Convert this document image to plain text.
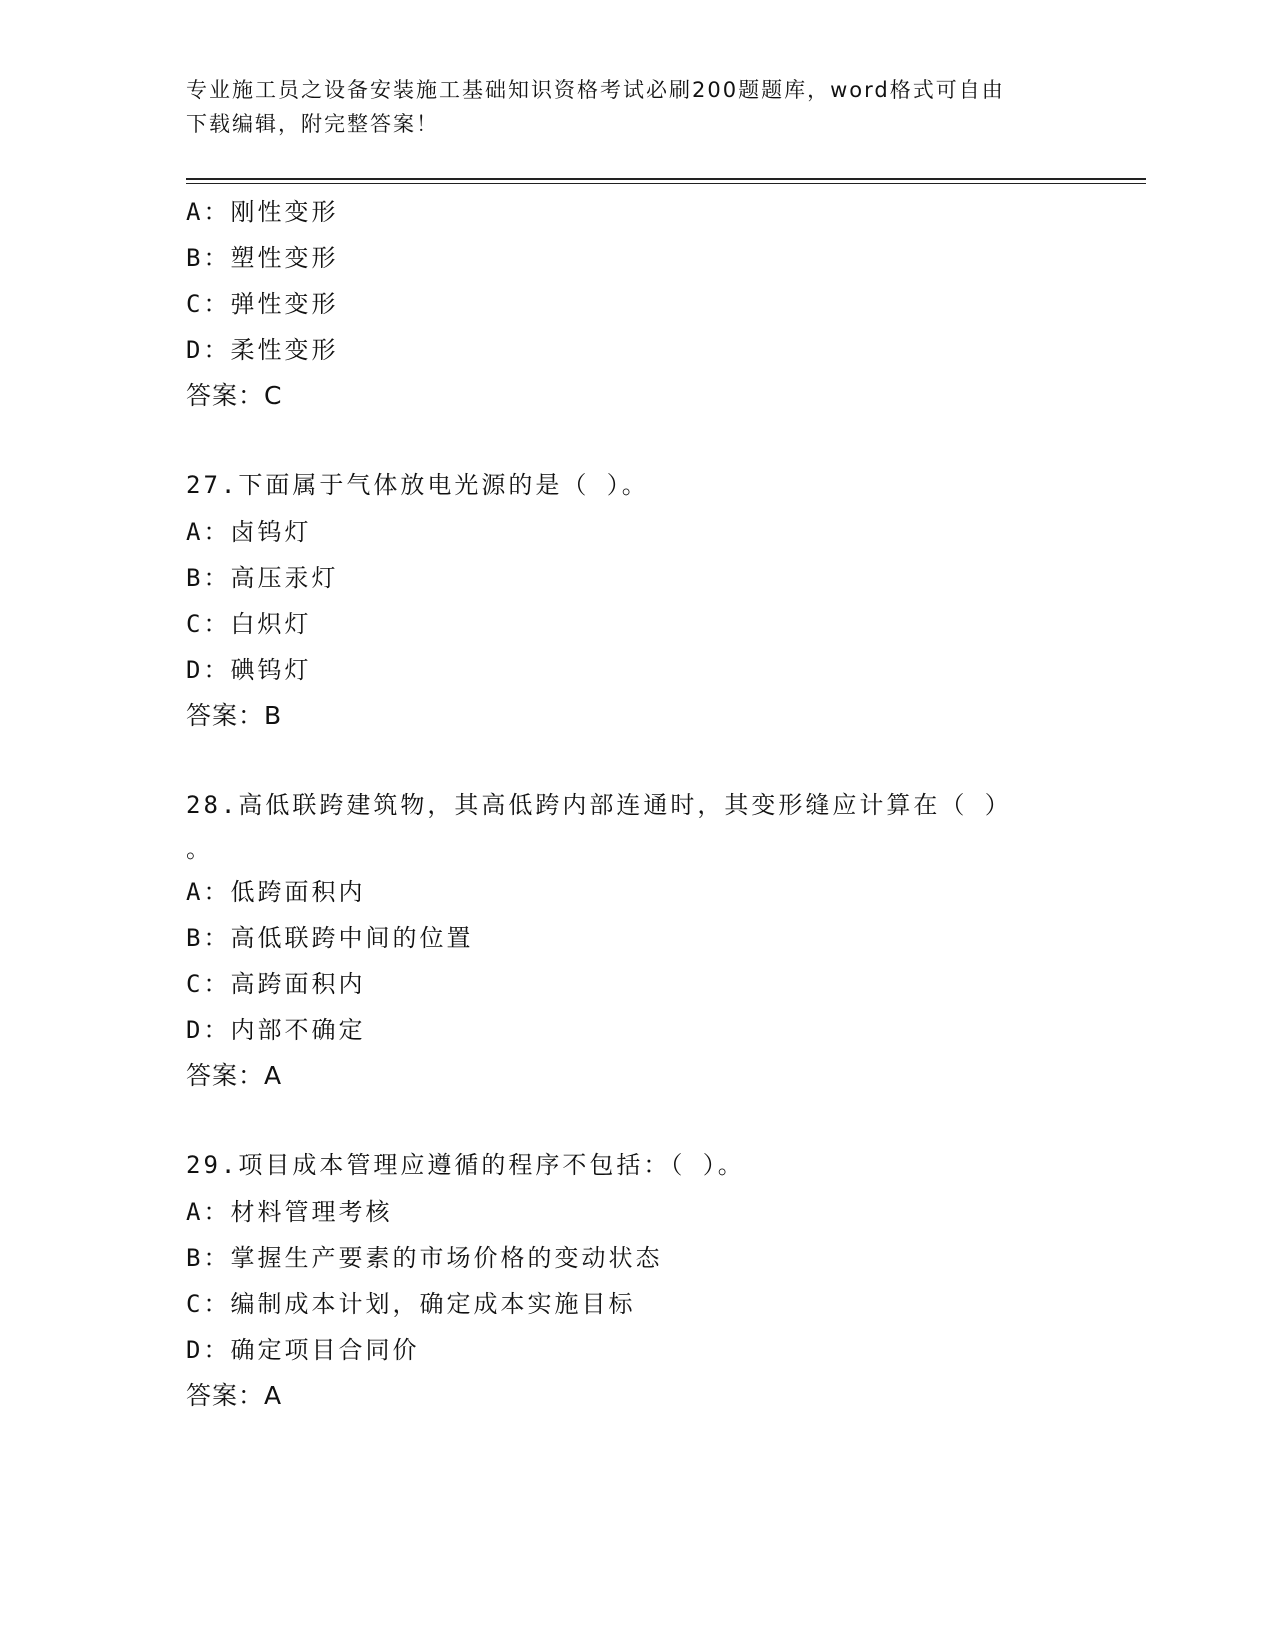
专业施工员之设备安装施工基础知识资格考试必刷200题题库，word格式可自由
下载编辑，附完整答案！
A：刚性变形
B：塑性变形
C：弹性变形
D：柔性变形
答案：C
27.下面属于气体放电光源的是（ ）。
A：卤钨灯
B：高压汞灯
C：白炽灯
D：碘钨灯
答案：B
28.高低联跨建筑物，其高低跨内部连通时，其变形缝应计算在（ ）
。
A：低跨面积内
B：高低联跨中间的位置
C：高跨面积内
D：内部不确定
答案：A
29.项目成本管理应遵循的程序不包括：（ ）。
A：材料管理考核
B：掌握生产要素的市场价格的变动状态
C：编制成本计划，确定成本实施目标
D：确定项目合同价
答案：A
